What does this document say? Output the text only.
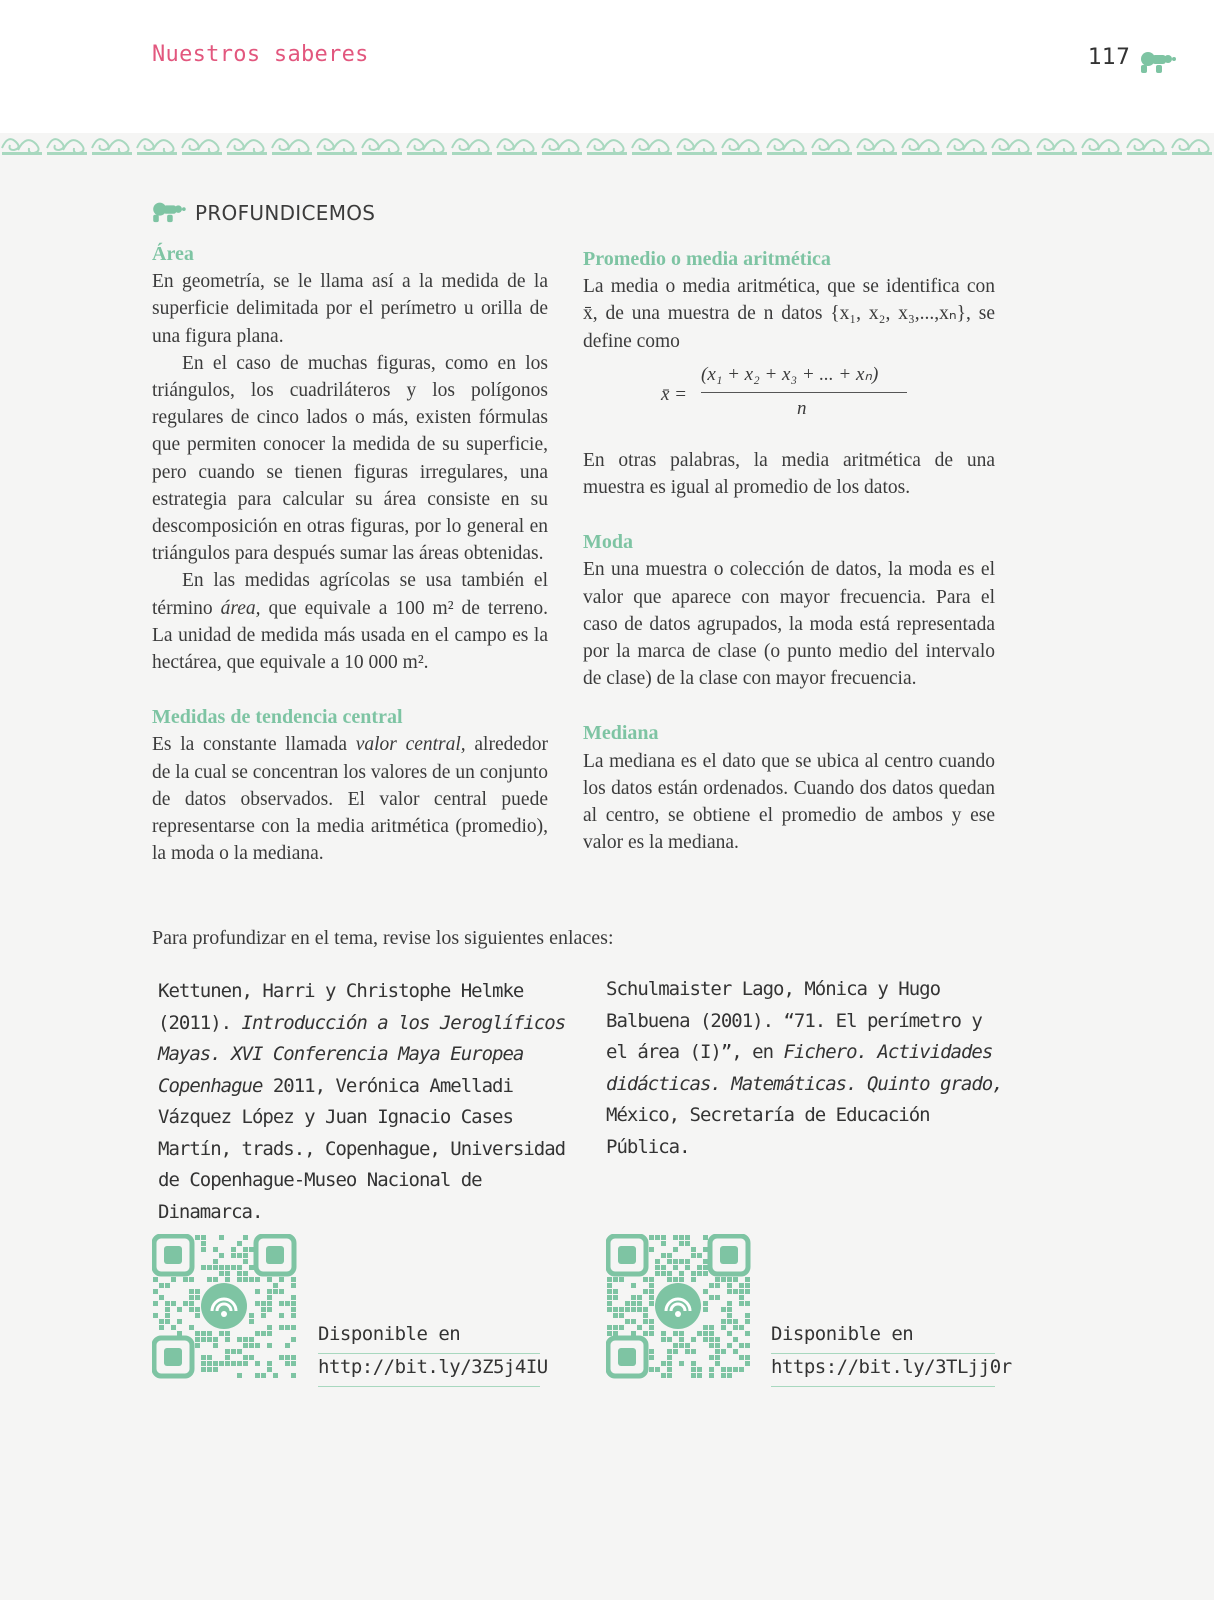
Nuestros saberes	117
PROFUNDICEMOS

Área

En geometría, se le llama así a la medida de la superficie delimitada por el perímetro u orilla de una figura plana.

En el caso de muchas figuras, como en los triángulos, los cuadriláteros y los polígonos regulares de cinco lados o más, existen fórmulas que permiten conocer la medida de su superficie, pero cuando se tienen figuras irregulares, una estrategia para calcular su área consiste en su descomposición en otras figuras, por lo general en triángulos para después sumar las áreas obtenidas.

En las medidas agrícolas se usa también el término área, que equivale a 100 m² de terreno. La unidad de medida más usada en el campo es la hectárea, que equivale a 10 000 m².

Medidas de tendencia central

Es la constante llamada valor central, alrededor de la cual se concentran los valores de un conjunto de datos observados. El valor central puede representarse con la media aritmética (promedio), la moda o la mediana.

Promedio o media aritmética

La media o media aritmética, que se identifica con x̄, de una muestra de n datos {x₁, x₂, x₃,...,xₙ}, se define como

x̄ =
(x₁ + x₂ + x₃ + ... + xₙ)
n

En otras palabras, la media aritmética de una muestra es igual al promedio de los datos.

Moda

En una muestra o colección de datos, la moda es el valor que aparece con mayor frecuencia. Para el caso de datos agrupados, la moda está representada por la marca de clase (o punto medio del intervalo de clase) de la clase con mayor frecuencia.

Mediana

La mediana es el dato que se ubica al centro cuando los datos están ordenados. Cuando dos datos quedan al centro, se obtiene el promedio de ambos y ese valor es la mediana.

Para profundizar en el tema, revise los siguientes enlaces:
Kettunen, Harri y Christophe Helmke (2011). Introducción a los Jeroglíficos Mayas. XVI Conferencia Maya Europea Copenhague 2011, Verónica Amelladi Vázquez López y Juan Ignacio Cases Martín, trads., Copenhague, Universidad de Copenhague-Museo Nacional de Dinamarca.
Schulmaister Lago, Mónica y Hugo Balbuena (2001). “71. El perímetro y el área (I)”, en Fichero. Actividades didácticas. Matemáticas. Quinto grado, México, Secretaría de Educación Pública.
Disponible en
http://bit.ly/3Z5j4IU
Disponible en
https://bit.ly/3TLjj0r
